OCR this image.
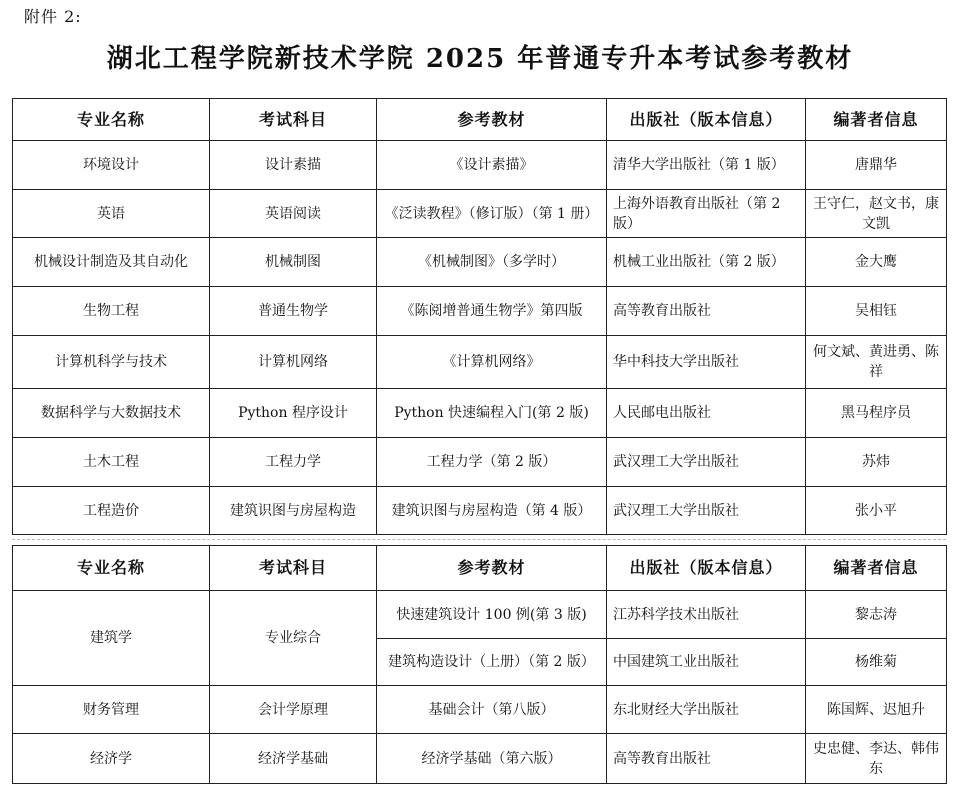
附件 2:
湖北工程学院新技术学院 2025 年普通专升本考试参考教材
专业名称	考试科目	参考教材	出版社（版本信息）	编著者信息
环境设计	设计素描	《设计素描》	清华大学出版社（第 1 版）	唐鼎华
英语	英语阅读	《泛读教程》（修订版）（第 1 册）	上海外语教育出版社（第 2 版）	王守仁，赵文书，康文凯
机械设计制造及其自动化	机械制图	《机械制图》（多学时）	机械工业出版社（第 2 版）	金大鹰
生物工程	普通生物学	《陈阅增普通生物学》第四版	高等教育出版社	吴相钰
计算机科学与技术	计算机网络	《计算机网络》	华中科技大学出版社	何文斌、黄进勇、陈祥
数据科学与大数据技术	Python 程序设计	Python 快速编程入门(第 2 版)	人民邮电出版社	黑马程序员
土木工程	工程力学	工程力学（第 2 版）	武汉理工大学出版社	苏炜
工程造价	建筑识图与房屋构造	建筑识图与房屋构造（第 4 版）	武汉理工大学出版社	张小平
专业名称	考试科目	参考教材	出版社（版本信息）	编著者信息
建筑学	专业综合	快速建筑设计 100 例(第 3 版)	江苏科学技术出版社	黎志涛
		建筑构造设计（上册）（第 2 版）	中国建筑工业出版社	杨维菊
财务管理	会计学原理	基础会计（第八版）	东北财经大学出版社	陈国辉、迟旭升
经济学	经济学基础	经济学基础（第六版）	高等教育出版社	史忠健、李达、韩伟东
